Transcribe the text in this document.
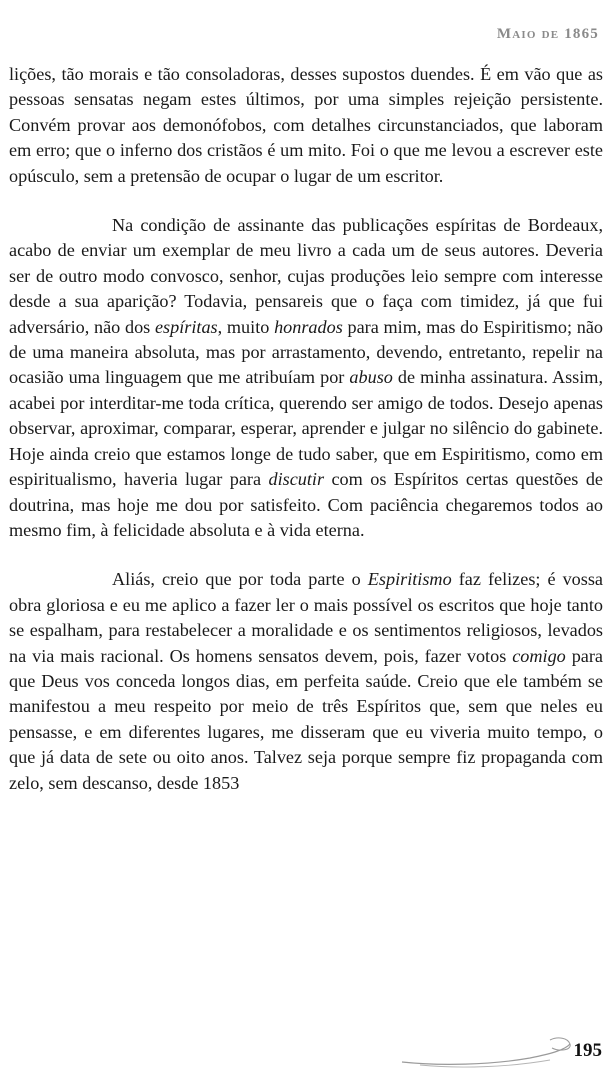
Maio de 1865

lições, tão morais e tão consoladoras, desses supostos duendes. É em vão que as pessoas sensatas negam estes últimos, por uma simples rejeição persistente. Convém provar aos demonófobos, com detalhes circunstanciados, que laboram em erro; que o inferno dos cristãos é um mito. Foi o que me levou a escrever este opúsculo, sem a pretensão de ocupar o lugar de um escritor.

Na condição de assinante das publicações espíritas de Bordeaux, acabo de enviar um exemplar de meu livro a cada um de seus autores. Deveria ser de outro modo convosco, senhor, cujas produções leio sempre com interesse desde a sua aparição? Todavia, pensareis que o faça com timidez, já que fui adversário, não dos espíritas, muito honrados para mim, mas do Espiritismo; não de uma maneira absoluta, mas por arrastamento, devendo, entretanto, repelir na ocasião uma linguagem que me atribuíam por abuso de minha assinatura. Assim, acabei por interditar-me toda crítica, querendo ser amigo de todos. Desejo apenas observar, aproximar, comparar, esperar, aprender e julgar no silêncio do gabinete. Hoje ainda creio que estamos longe de tudo saber, que em Espiritismo, como em espiritualismo, haveria lugar para discutir com os Espíritos certas questões de doutrina, mas hoje me dou por satisfeito. Com paciência chegaremos todos ao mesmo fim, à felicidade absoluta e à vida eterna.

Aliás, creio que por toda parte o Espiritismo faz felizes; é vossa obra gloriosa e eu me aplico a fazer ler o mais possível os escritos que hoje tanto se espalham, para restabelecer a moralidade e os sentimentos religiosos, levados na via mais racional. Os homens sensatos devem, pois, fazer votos comigo para que Deus vos conceda longos dias, em perfeita saúde. Creio que ele também se manifestou a meu respeito por meio de três Espíritos que, sem que neles eu pensasse, e em diferentes lugares, me disseram que eu viveria muito tempo, o que já data de sete ou oito anos. Talvez seja porque sempre fiz propaganda com zelo, sem descanso, desde 1853

195
